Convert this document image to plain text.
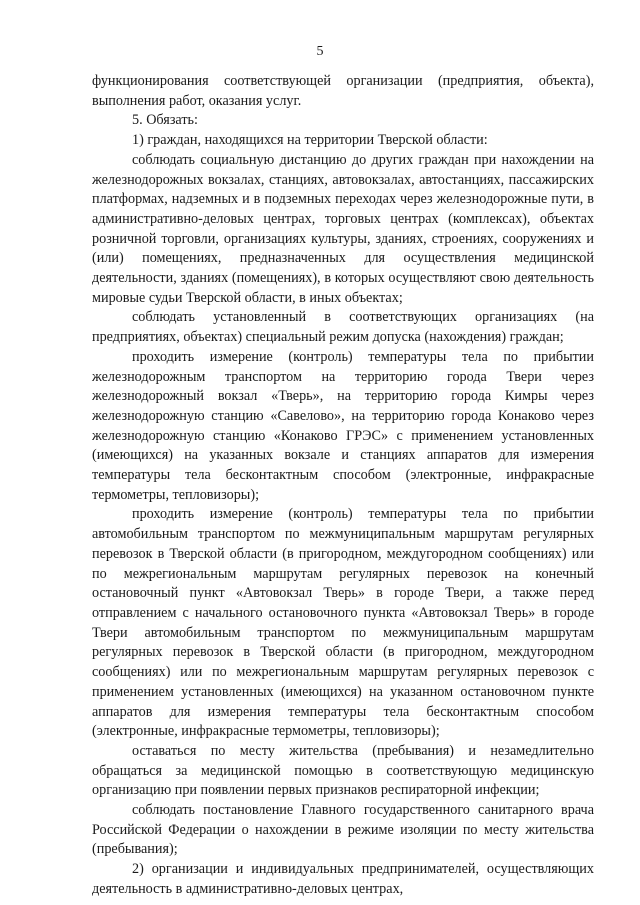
5

функционирования соответствующей организации (предприятия, объекта), выполнения работ, оказания услуг.

5. Обязать:

1) граждан, находящихся на территории Тверской области:

соблюдать социальную дистанцию до других граждан при нахождении на железнодорожных вокзалах, станциях, автовокзалах, автостанциях, пассажирских платформах, надземных и в подземных переходах через железнодорожные пути, в административно-деловых центрах, торговых центрах (комплексах), объектах розничной торговли, организациях культуры, зданиях, строениях, сооружениях и (или) помещениях, предназначенных для осуществления медицинской деятельности, зданиях (помещениях), в которых осуществляют свою деятельность мировые судьи Тверской области, в иных объектах;

соблюдать установленный в соответствующих организациях (на предприятиях, объектах) специальный режим допуска (нахождения) граждан;

проходить измерение (контроль) температуры тела по прибытии железнодорожным транспортом на территорию города Твери через железнодорожный вокзал «Тверь», на территорию города Кимры через железнодорожную станцию «Савелово», на территорию города Конаково через железнодорожную станцию «Конаково ГРЭС» с применением установленных (имеющихся) на указанных вокзале и станциях аппаратов для измерения температуры тела бесконтактным способом (электронные, инфракрасные термометры, тепловизоры);

проходить измерение (контроль) температуры тела по прибытии автомобильным транспортом по межмуниципальным маршрутам регулярных перевозок в Тверской области (в пригородном, междугородном сообщениях) или по межрегиональным маршрутам регулярных перевозок на конечный остановочный пункт «Автовокзал Тверь» в городе Твери, а также перед отправлением с начального остановочного пункта «Автовокзал Тверь» в городе Твери автомобильным транспортом по межмуниципальным маршрутам регулярных перевозок в Тверской области (в пригородном, междугородном сообщениях) или по межрегиональным маршрутам регулярных перевозок с применением установленных (имеющихся) на указанном остановочном пункте аппаратов для измерения температуры тела бесконтактным способом (электронные, инфракрасные термометры, тепловизоры);

оставаться по месту жительства (пребывания) и незамедлительно обращаться за медицинской помощью в соответствующую медицинскую организацию при появлении первых признаков респираторной инфекции;

соблюдать постановление Главного государственного санитарного врача Российской Федерации о нахождении в режиме изоляции по месту жительства (пребывания);

2) организации и индивидуальных предпринимателей, осуществляющих деятельность в административно-деловых центрах,
